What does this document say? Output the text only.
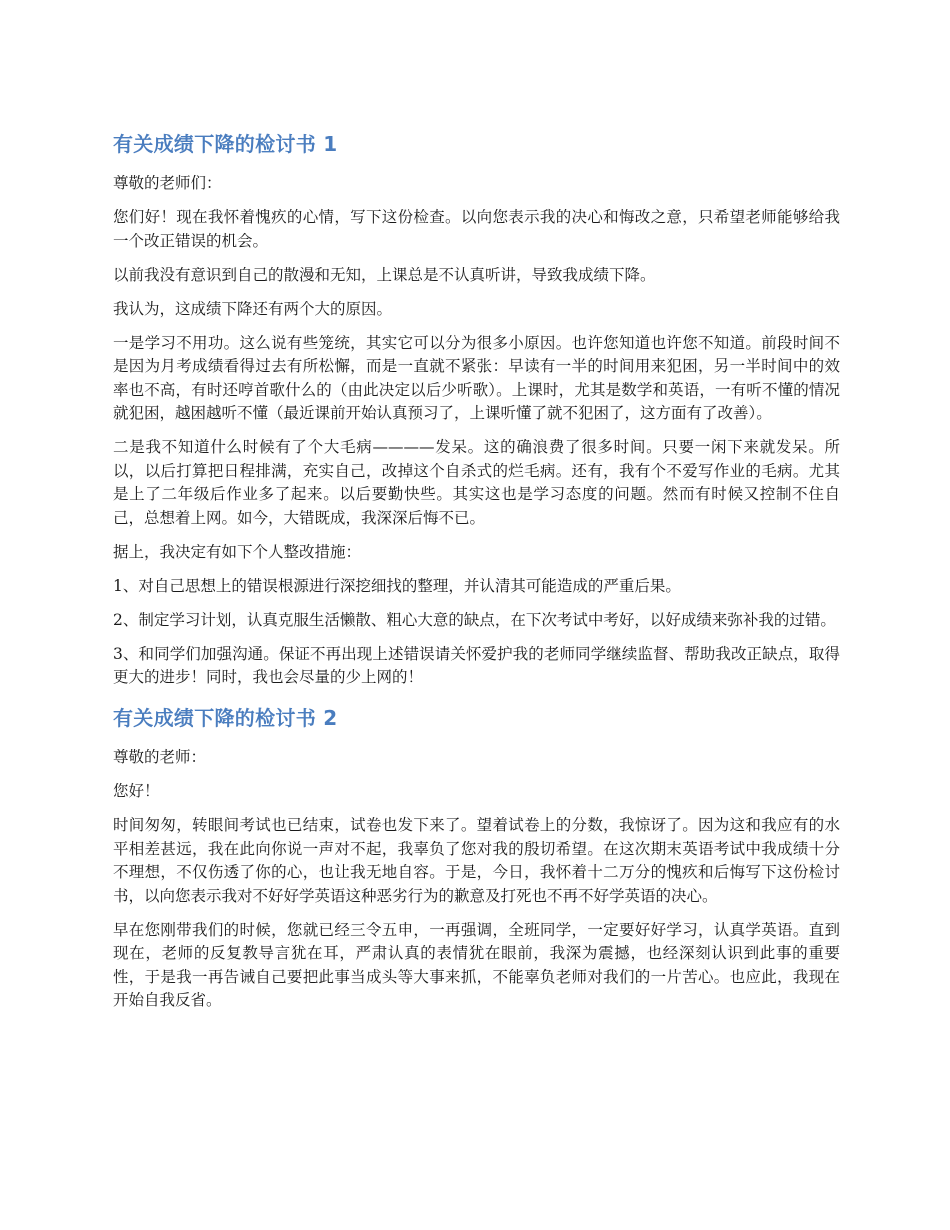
有关成绩下降的检讨书 1

尊敬的老师们：

您们好！现在我怀着愧疚的心情，写下这份检查。以向您表示我的决心和悔改之意，只希望老师能够给我一个改正错误的机会。

以前我没有意识到自己的散漫和无知，上课总是不认真听讲，导致我成绩下降。

我认为，这成绩下降还有两个大的原因。

一是学习不用功。这么说有些笼统，其实它可以分为很多小原因。也许您知道也许您不知道。前段时间不是因为月考成绩看得过去有所松懈，而是一直就不紧张：早读有一半的时间用来犯困，另一半时间中的效率也不高，有时还哼首歌什么的（由此决定以后少听歌）。上课时，尤其是数学和英语，一有听不懂的情况就犯困，越困越听不懂（最近课前开始认真预习了，上课听懂了就不犯困了，这方面有了改善）。

二是我不知道什么时候有了个大毛病————发呆。这的确浪费了很多时间。只要一闲下来就发呆。所以，以后打算把日程排满，充实自己，改掉这个自杀式的烂毛病。还有，我有个不爱写作业的毛病。尤其是上了二年级后作业多了起来。以后要勤快些。其实这也是学习态度的问题。然而有时候又控制不住自己，总想着上网。如今，大错既成，我深深后悔不已。

据上，我决定有如下个人整改措施：

1、对自己思想上的错误根源进行深挖细找的整理，并认清其可能造成的严重后果。

2、制定学习计划，认真克服生活懒散、粗心大意的缺点，在下次考试中考好，以好成绩来弥补我的过错。

3、和同学们加强沟通。保证不再出现上述错误请关怀爱护我的老师同学继续监督、帮助我改正缺点，取得更大的进步！同时，我也会尽量的少上网的！

有关成绩下降的检讨书 2

尊敬的老师：

您好！

时间匆匆，转眼间考试也已结束，试卷也发下来了。望着试卷上的分数，我惊讶了。因为这和我应有的水平相差甚远，我在此向你说一声对不起，我辜负了您对我的殷切希望。在这次期末英语考试中我成绩十分不理想，不仅伤透了你的心，也让我无地自容。于是，今日，我怀着十二万分的愧疚和后悔写下这份检讨书，以向您表示我对不好好学英语这种恶劣行为的歉意及打死也不再不好学英语的决心。

早在您刚带我们的时候，您就已经三令五申，一再强调，全班同学，一定要好好学习，认真学英语。直到现在，老师的反复教导言犹在耳，严肃认真的表情犹在眼前，我深为震撼，也经深刻认识到此事的重要性，于是我一再告诫自己要把此事当成头等大事来抓，不能辜负老师对我们的一片苦心。也应此，我现在开始自我反省。
